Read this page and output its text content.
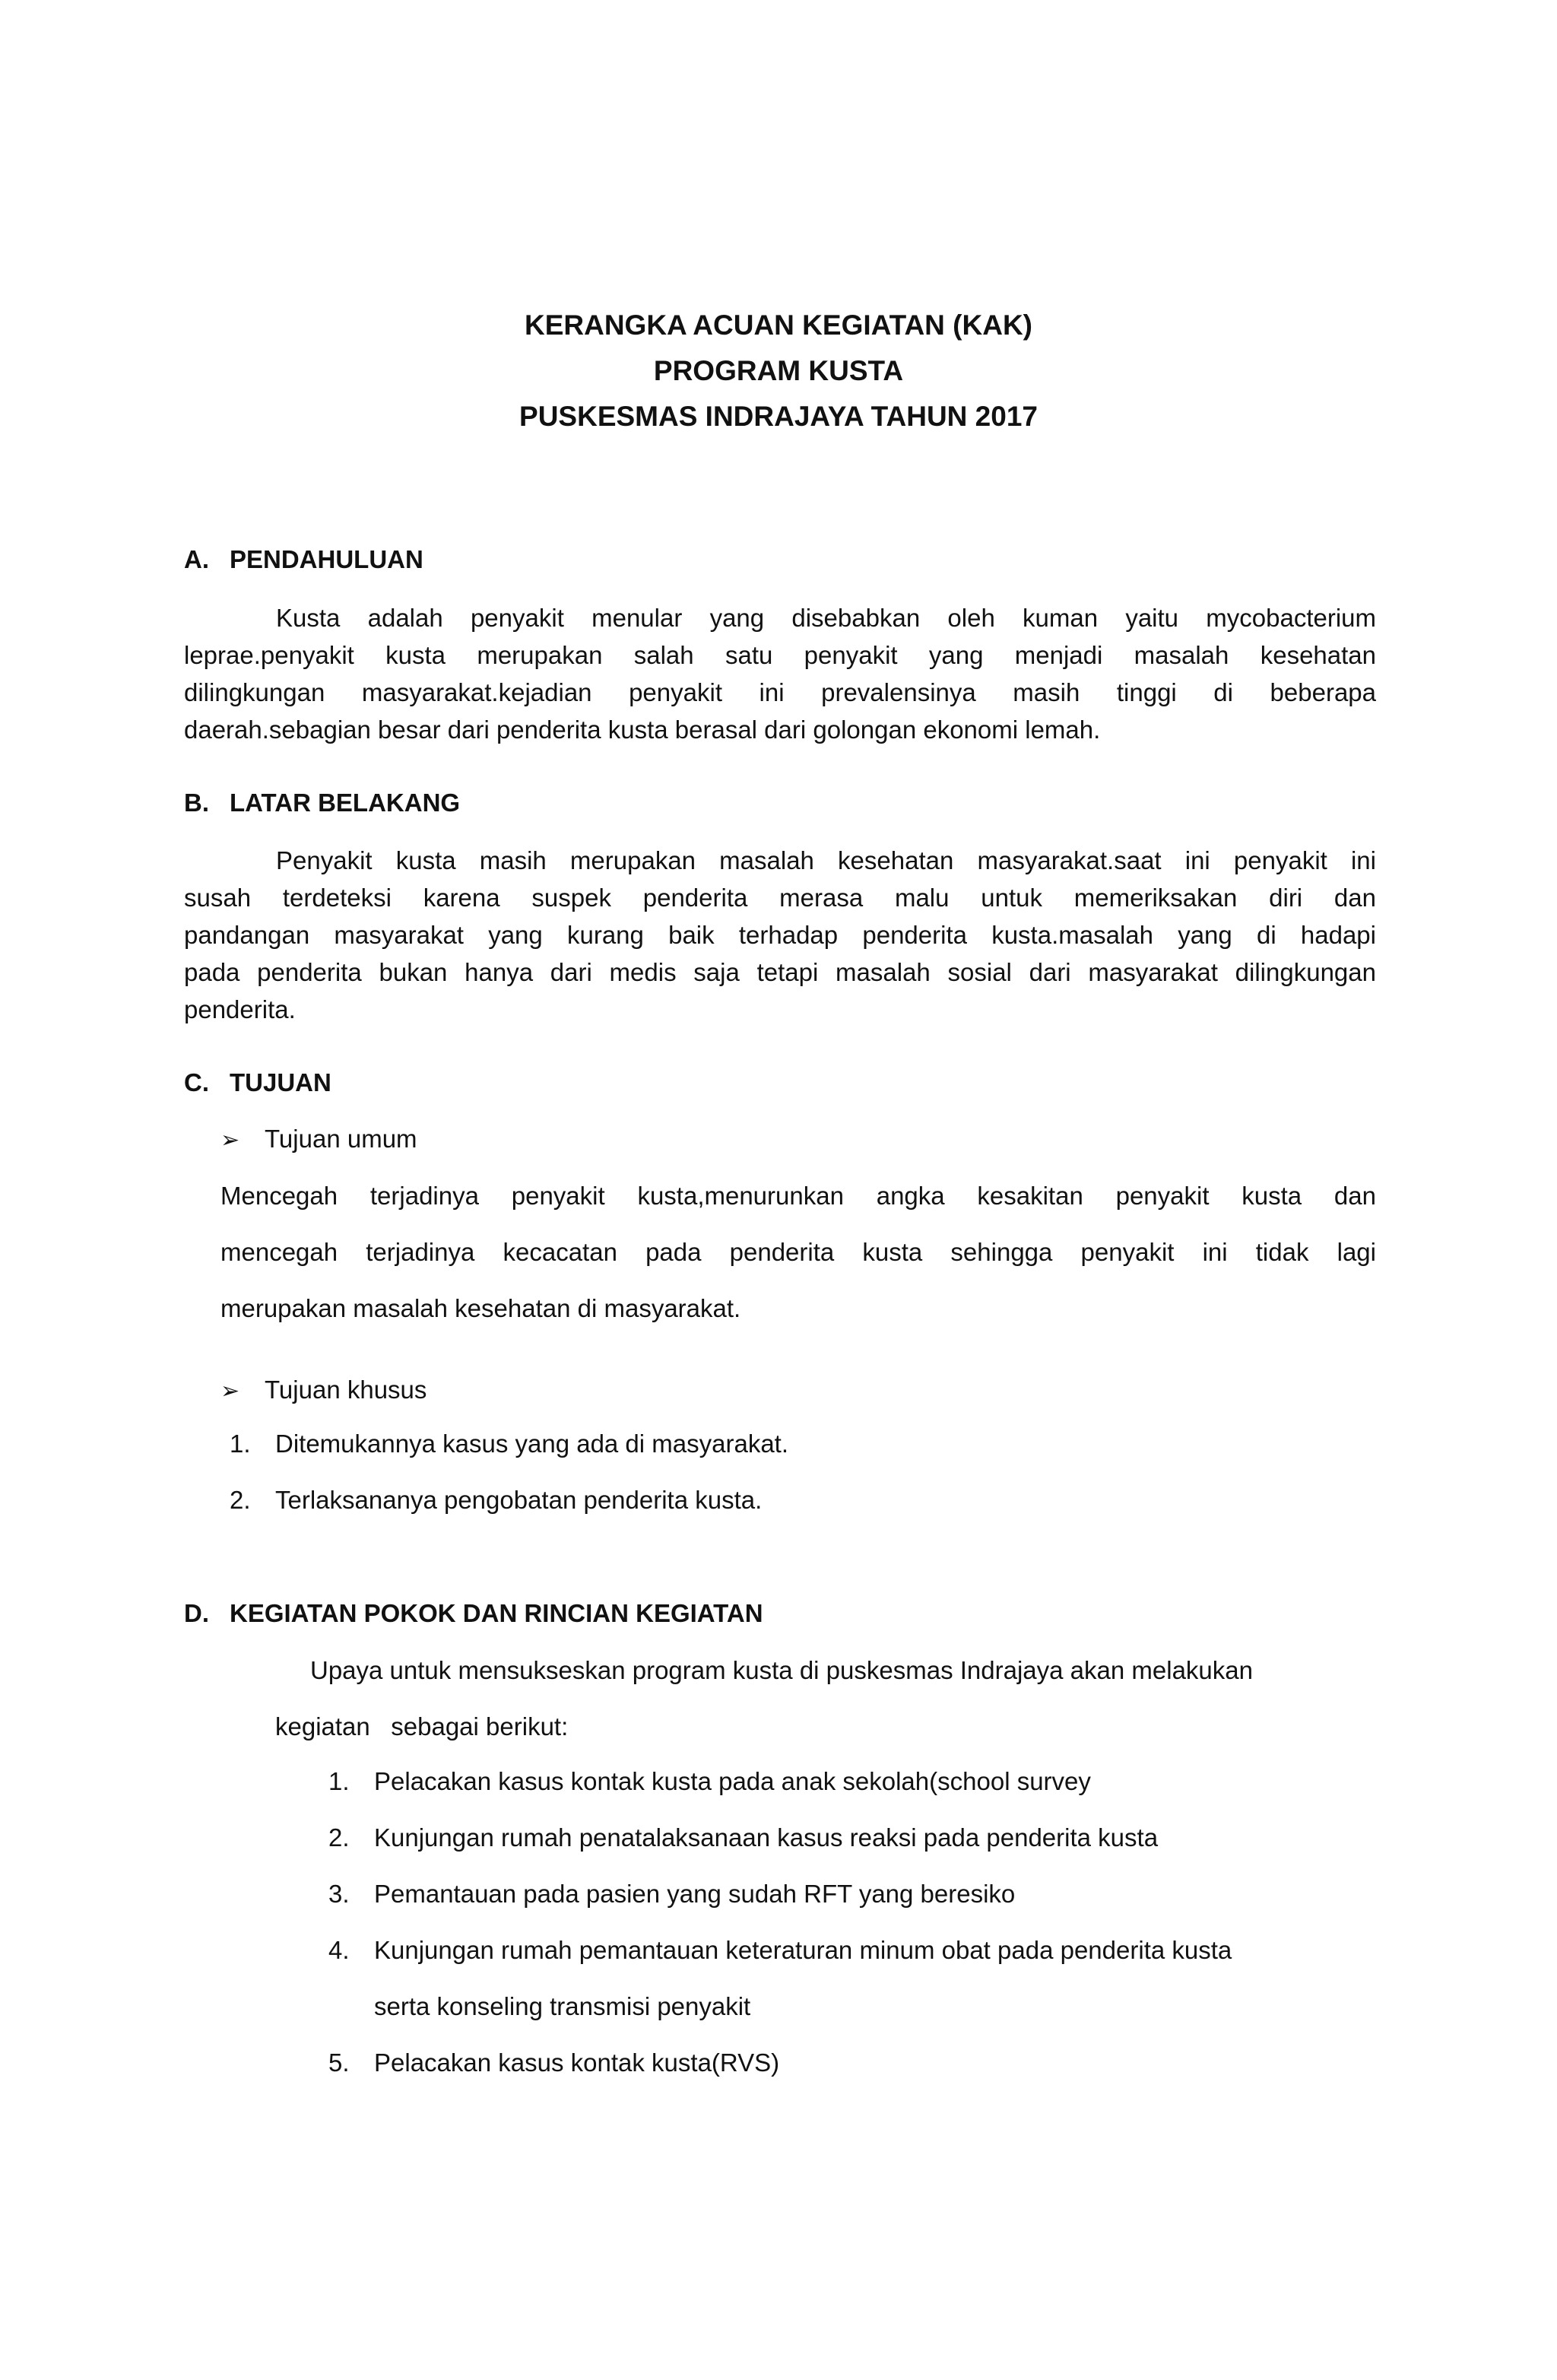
KERANGKA ACUAN KEGIATAN (KAK)
PROGRAM KUSTA
PUSKESMAS INDRAJAYA TAHUN 2017
A. PENDAHULUAN
Kusta adalah penyakit menular yang disebabkan oleh kuman yaitu mycobacterium
leprae.penyakit kusta merupakan salah satu penyakit yang menjadi masalah kesehatan
dilingkungan masyarakat.kejadian penyakit ini prevalensinya masih tinggi di beberapa
daerah.sebagian besar dari penderita kusta berasal dari golongan ekonomi lemah.
B. LATAR BELAKANG
Penyakit kusta masih merupakan masalah kesehatan masyarakat.saat ini penyakit ini
susah terdeteksi karena suspek penderita merasa malu untuk memeriksakan diri dan
pandangan masyarakat yang kurang baik terhadap penderita kusta.masalah yang di hadapi
pada penderita bukan hanya dari medis saja tetapi masalah sosial dari masyarakat dilingkungan
penderita.
C. TUJUAN
➢ Tujuan umum
Mencegah terjadinya penyakit kusta,menurunkan angka kesakitan penyakit kusta dan
mencegah terjadinya kecacatan pada penderita kusta sehingga penyakit ini tidak lagi
merupakan masalah kesehatan di masyarakat.
➢ Tujuan khusus
1. Ditemukannya kasus yang ada di masyarakat.
2. Terlaksananya pengobatan penderita kusta.
D. KEGIATAN POKOK DAN RINCIAN KEGIATAN
Upaya untuk mensukseskan program kusta di puskesmas Indrajaya akan melakukan
kegiatan   sebagai berikut:
1. Pelacakan kasus kontak kusta pada anak sekolah(school survey
2. Kunjungan rumah penatalaksanaan kasus reaksi pada penderita kusta
3. Pemantauan pada pasien yang sudah RFT yang beresiko
4. Kunjungan rumah pemantauan keteraturan minum obat pada penderita kusta
serta konseling transmisi penyakit
5. Pelacakan kasus kontak kusta(RVS)
